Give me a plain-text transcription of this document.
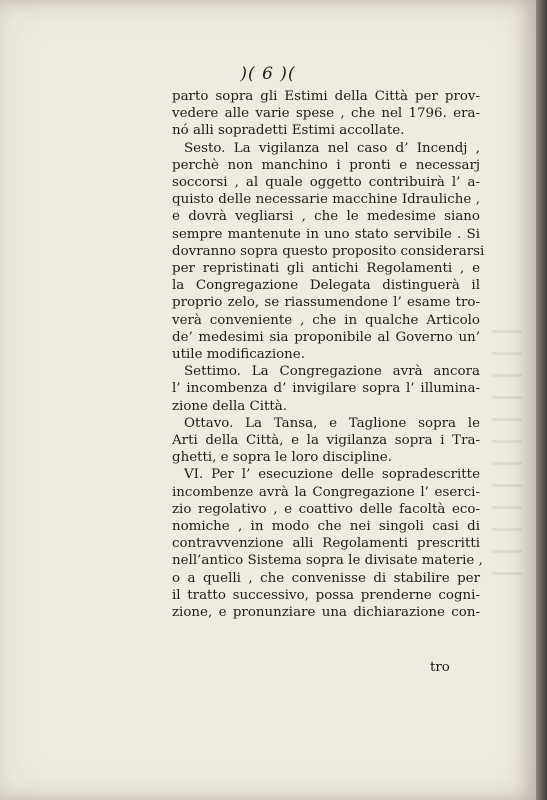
)( 6 )(
parto sopra gli Estimi della Città per prov-
vedere alle varie spese , che nel 1796. era-
nó alli sopradetti Estimi accollate.
Sesto. La vigilanza nel caso d’ Incendj ,
perchè non manchino i pronti e necessarj
soccorsi , al quale oggetto contribuirà l’ a-
quisto delle necessarie macchine Idrauliche ,
e dovrà vegliarsi , che le medesime siano
sempre mantenute in uno stato servibile . Si
dovranno sopra questo proposito considerarsi
per repristinati gli antichi Regolamenti , e
la Congregazione Delegata distinguerà il
proprio zelo, se riassumendone l’ esame tro-
verà conveniente , che in qualche Articolo
de’ medesimi sia proponibile al Governo un’
utile modificazione.
Settimo. La Congregazione avrà ancora
l’ incombenza d’ invigilare sopra l’ illumina-
zione della Città.
Ottavo. La Tansa, e Taglione sopra le
Arti della Città, e la vigilanza sopra i Tra-
ghetti, e sopra le loro discipline.
VI. Per l’ esecuzione delle sopradescritte
incombenze avrà la Congregazione l’ eserci-
zio regolativo , e coattivo delle facoltà eco-
nomiche , in modo che nei singoli casi di
contravvenzione alli Regolamenti prescritti
nell’antico Sistema sopra le divisate materie ,
o a quelli , che convenisse di stabilire per
il tratto successivo, possa prenderne cogni-
zione, e pronunziare una dichiarazione con-
tro
